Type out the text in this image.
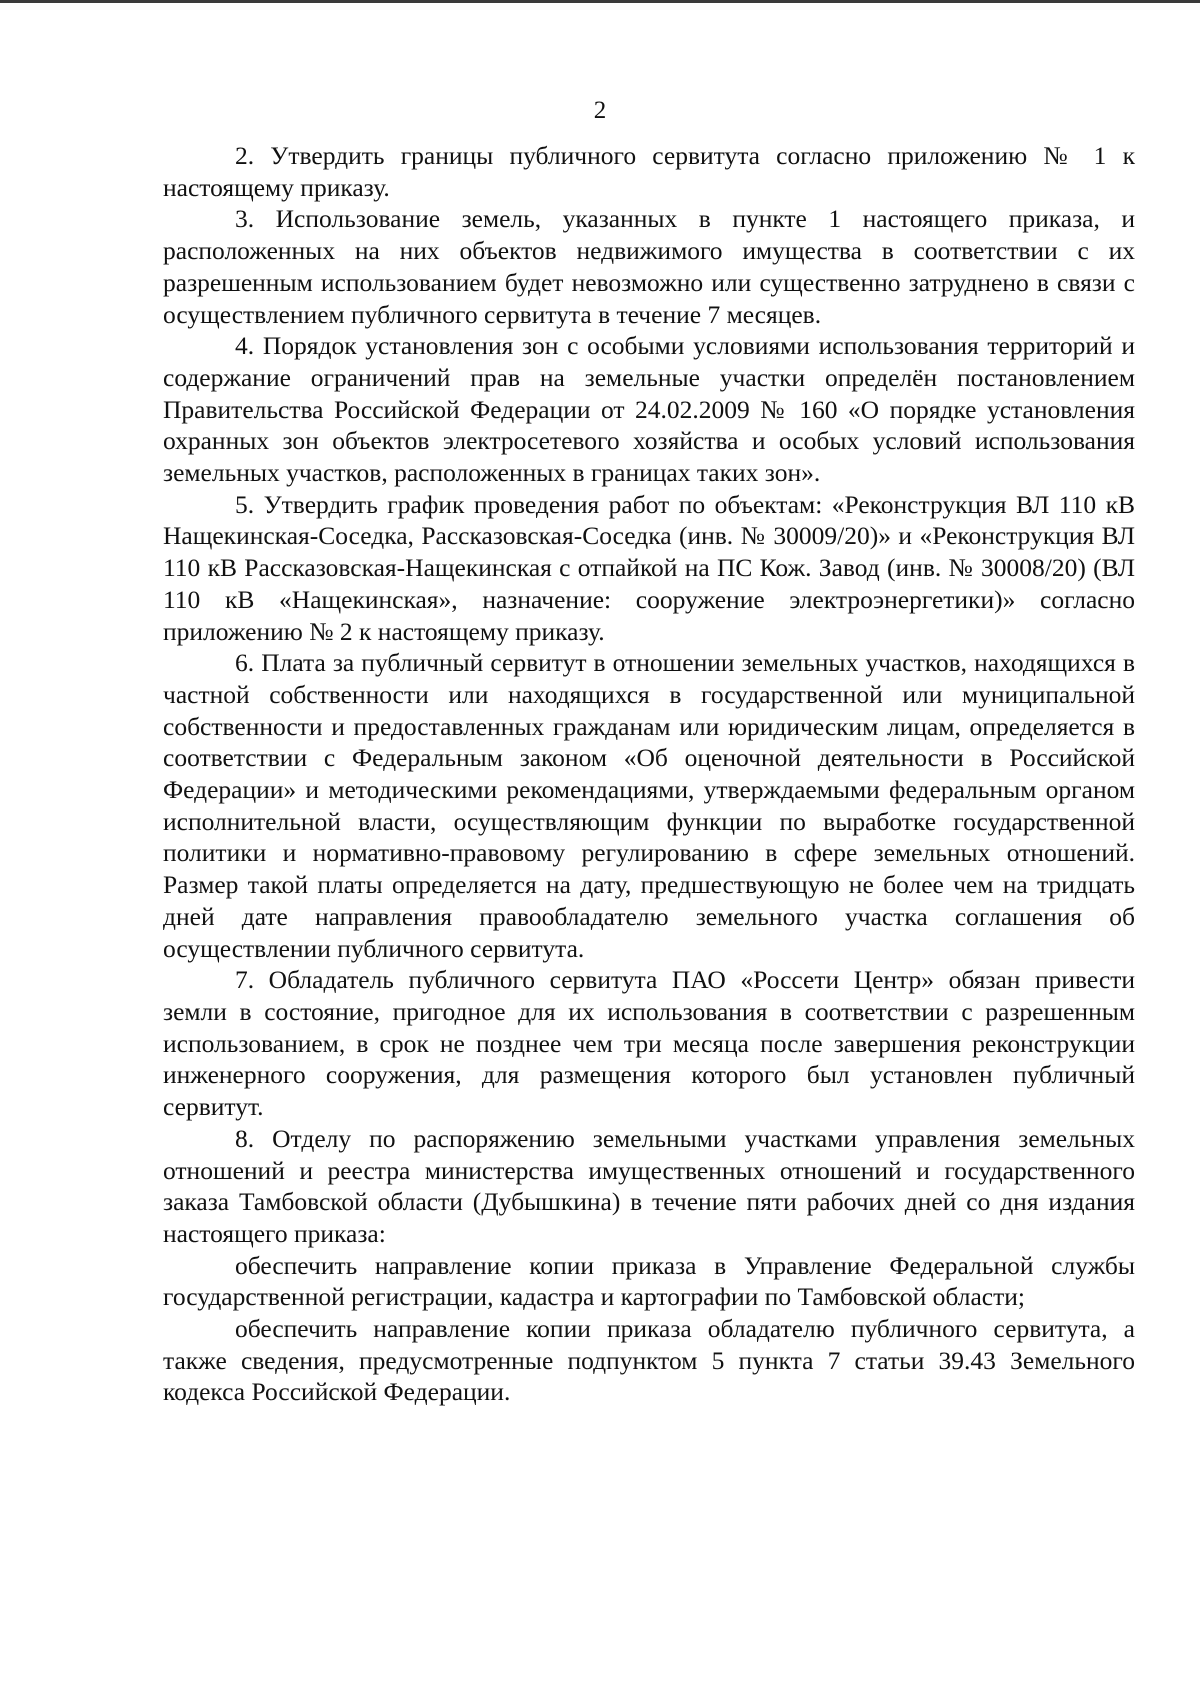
2

2. Утвердить границы публичного сервитута согласно приложению № 1 к настоящему приказу.

3. Использование земель, указанных в пункте 1 настоящего приказа, и расположенных на них объектов недвижимого имущества в соответствии с их разрешенным использованием будет невозможно или существенно затруднено в связи с осуществлением публичного сервитута в течение 7 месяцев.

4. Порядок установления зон с особыми условиями использования территорий и содержание ограничений прав на земельные участки определён постановлением Правительства Российской Федерации от 24.02.2009 № 160 «О порядке установления охранных зон объектов электросетевого хозяйства и особых условий использования земельных участков, расположенных в границах таких зон».

5. Утвердить график проведения работ по объектам: «Реконструкция ВЛ 110 кВ Нащекинская-Соседка, Рассказовская-Соседка (инв. № 30009/20)» и «Реконструкция ВЛ 110 кВ Рассказовская-Нащекинская с отпайкой на ПС Кож. Завод (инв. № 30008/20) (ВЛ 110 кВ «Нащекинская», назначение: сооружение электроэнергетики)» согласно приложению № 2 к настоящему приказу.

6. Плата за публичный сервитут в отношении земельных участков, находящихся в частной собственности или находящихся в государственной или муниципальной собственности и предоставленных гражданам или юридическим лицам, определяется в соответствии с Федеральным законом «Об оценочной деятельности в Российской Федерации» и методическими рекомендациями, утверждаемыми федеральным органом исполнительной власти, осуществляющим функции по выработке государственной политики и нормативно-правовому регулированию в сфере земельных отношений. Размер такой платы определяется на дату, предшествующую не более чем на тридцать дней дате направления правообладателю земельного участка соглашения об осуществлении публичного сервитута.

7. Обладатель публичного сервитута ПАО «Россети Центр» обязан привести земли в состояние, пригодное для их использования в соответствии с разрешенным использованием, в срок не позднее чем три месяца после завершения реконструкции инженерного сооружения, для размещения которого был установлен публичный сервитут.

8. Отделу по распоряжению земельными участками управления земельных отношений и реестра министерства имущественных отношений и государственного заказа Тамбовской области (Дубышкина) в течение пяти рабочих дней со дня издания настоящего приказа:

обеспечить направление копии приказа в Управление Федеральной службы государственной регистрации, кадастра и картографии по Тамбовской области;

обеспечить направление копии приказа обладателю публичного сервитута, а также сведения, предусмотренные подпунктом 5 пункта 7 статьи 39.43 Земельного кодекса Российской Федерации.
